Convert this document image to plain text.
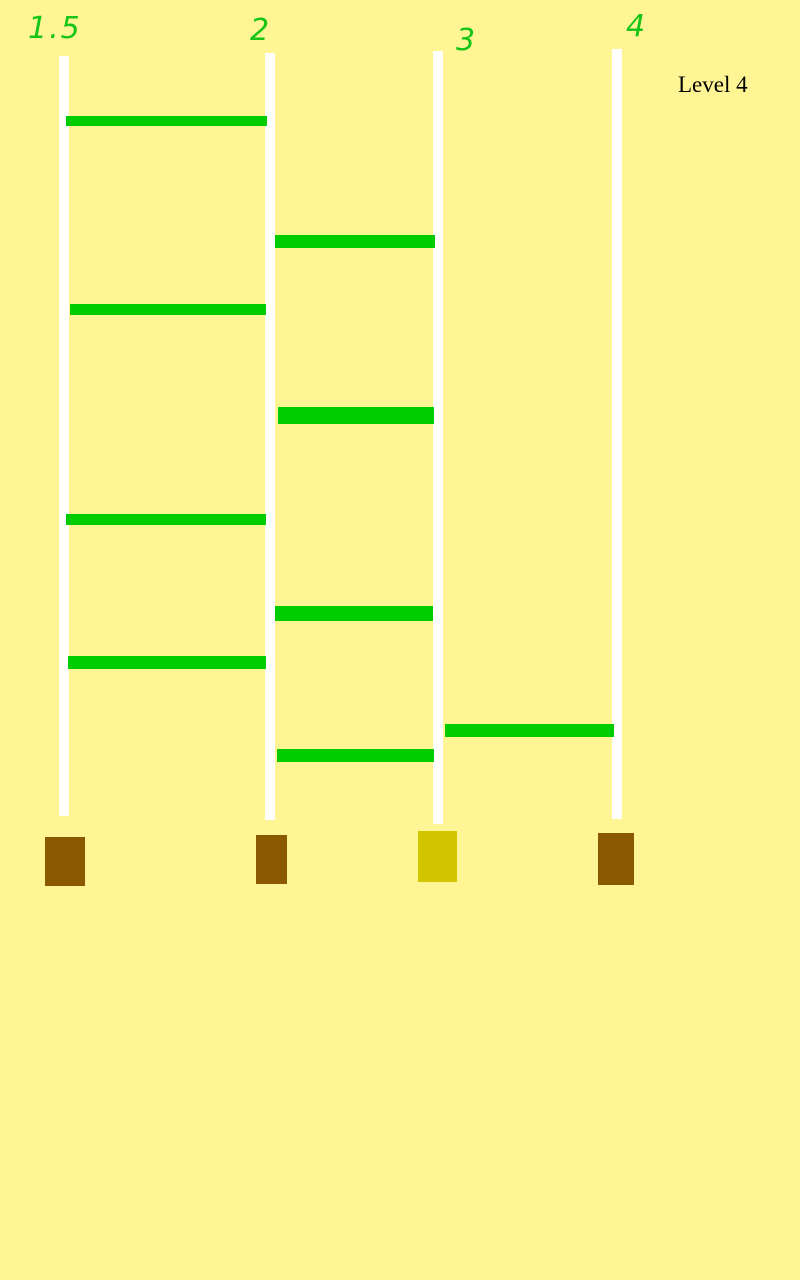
1.5	2	3	4
Level 4
